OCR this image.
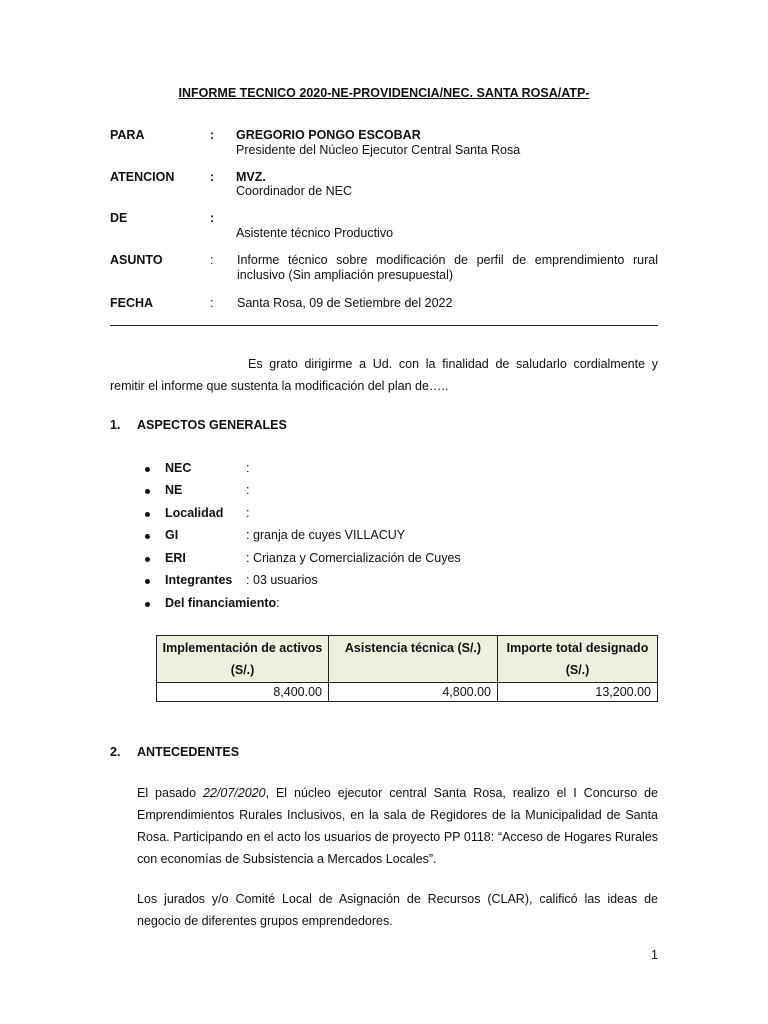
INFORME TECNICO 2020-NE-PROVIDENCIA/NEC. SANTA ROSA/ATP-
PARA	: GREGORIO PONGO ESCOBAR
Presidente del Núcleo Ejecutor Central Santa Rosa
ATENCION	: MVZ.
Coordinador de NEC
DE	:
Asistente técnico Productivo
ASUNTO	: Informe técnico sobre modificación de perfil de emprendimiento rural inclusivo (Sin ampliación presupuestal)
FECHA	: Santa Rosa, 09 de Setiembre del 2022
Es grato dirigirme a Ud. con la finalidad de saludarlo cordialmente y
remitir el informe que sustenta la modificación del plan de…..
1. ASPECTOS GENERALES
NEC	:
NE	:
Localidad :
GI	: granja de cuyes VILLACUY
ERI	: Crianza y Comercialización de Cuyes
Integrantes : 03 usuarios
Del financiamiento:
Implementación de activos (S/.)	Asistencia técnica (S/.)	Importe total designado (S/.)
8,400.00	4,800.00	13,200.00
2. ANTECEDENTES
El pasado 22/07/2020, El núcleo ejecutor central Santa Rosa, realizo el I Concurso de Emprendimientos Rurales Inclusivos, en la sala de Regidores de la Municipalidad de Santa Rosa. Participando en el acto los usuarios de proyecto PP 0118: “Acceso de Hogares Rurales con economías de Subsistencia a Mercados Locales”.
Los jurados y/o Comité Local de Asignación de Recursos (CLAR), calificó las ideas de negocio de diferentes grupos emprendedores.
1
